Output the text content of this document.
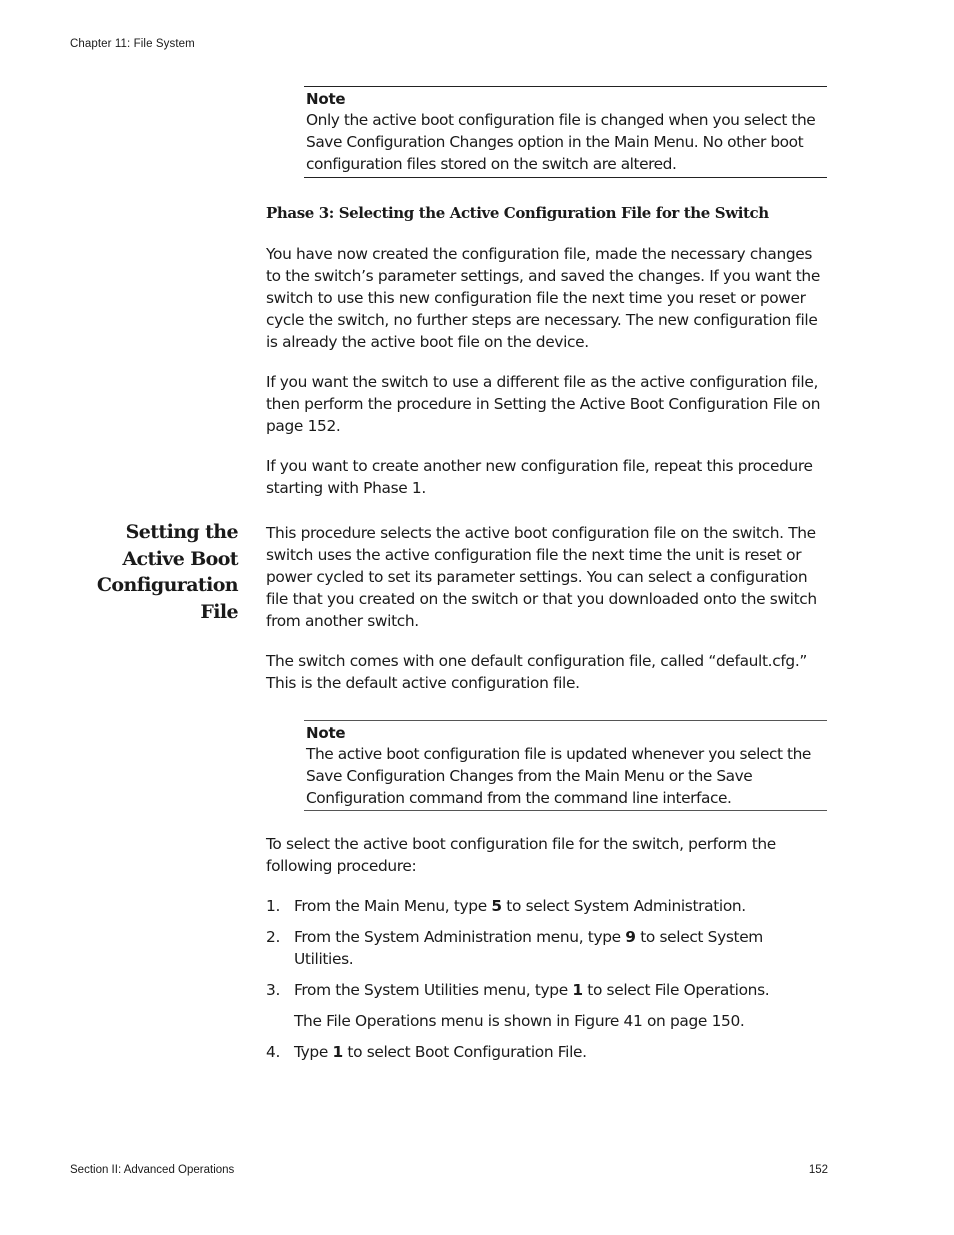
Chapter 11: File System
Note

Only the active boot configuration file is changed when you select the Save Configuration Changes option in the Main Menu. No other boot configuration files stored on the switch are altered.

Phase 3: Selecting the Active Configuration File for the Switch

You have now created the configuration file, made the necessary changes to the switch’s parameter settings, and saved the changes. If you want the switch to use this new configuration file the next time you reset or power cycle the switch, no further steps are necessary. The new configuration file is already the active boot file on the device.

If you want the switch to use a different file as the active configuration file, then perform the procedure in Setting the Active Boot Configuration File on page 152.

If you want to create another new configuration file, repeat this procedure starting with Phase 1.

Setting the
Active Boot
Configuration
File

This procedure selects the active boot configuration file on the switch. The switch uses the active configuration file the next time the unit is reset or power cycled to set its parameter settings. You can select a configuration file that you created on the switch or that you downloaded onto the switch from another switch.

The switch comes with one default configuration file, called “default.cfg.” This is the default active configuration file.

Note

The active boot configuration file is updated whenever you select the Save Configuration Changes from the Main Menu or the Save Configuration command from the command line interface.

To select the active boot configuration file for the switch, perform the following procedure:

1. From the Main Menu, type 5 to select System Administration.
2. From the System Administration menu, type 9 to select System Utilities.
3. From the System Utilities menu, type 1 to select File Operations.
The File Operations menu is shown in Figure 41 on page 150.
4. Type 1 to select Boot Configuration File.
Section II: Advanced Operations	152
